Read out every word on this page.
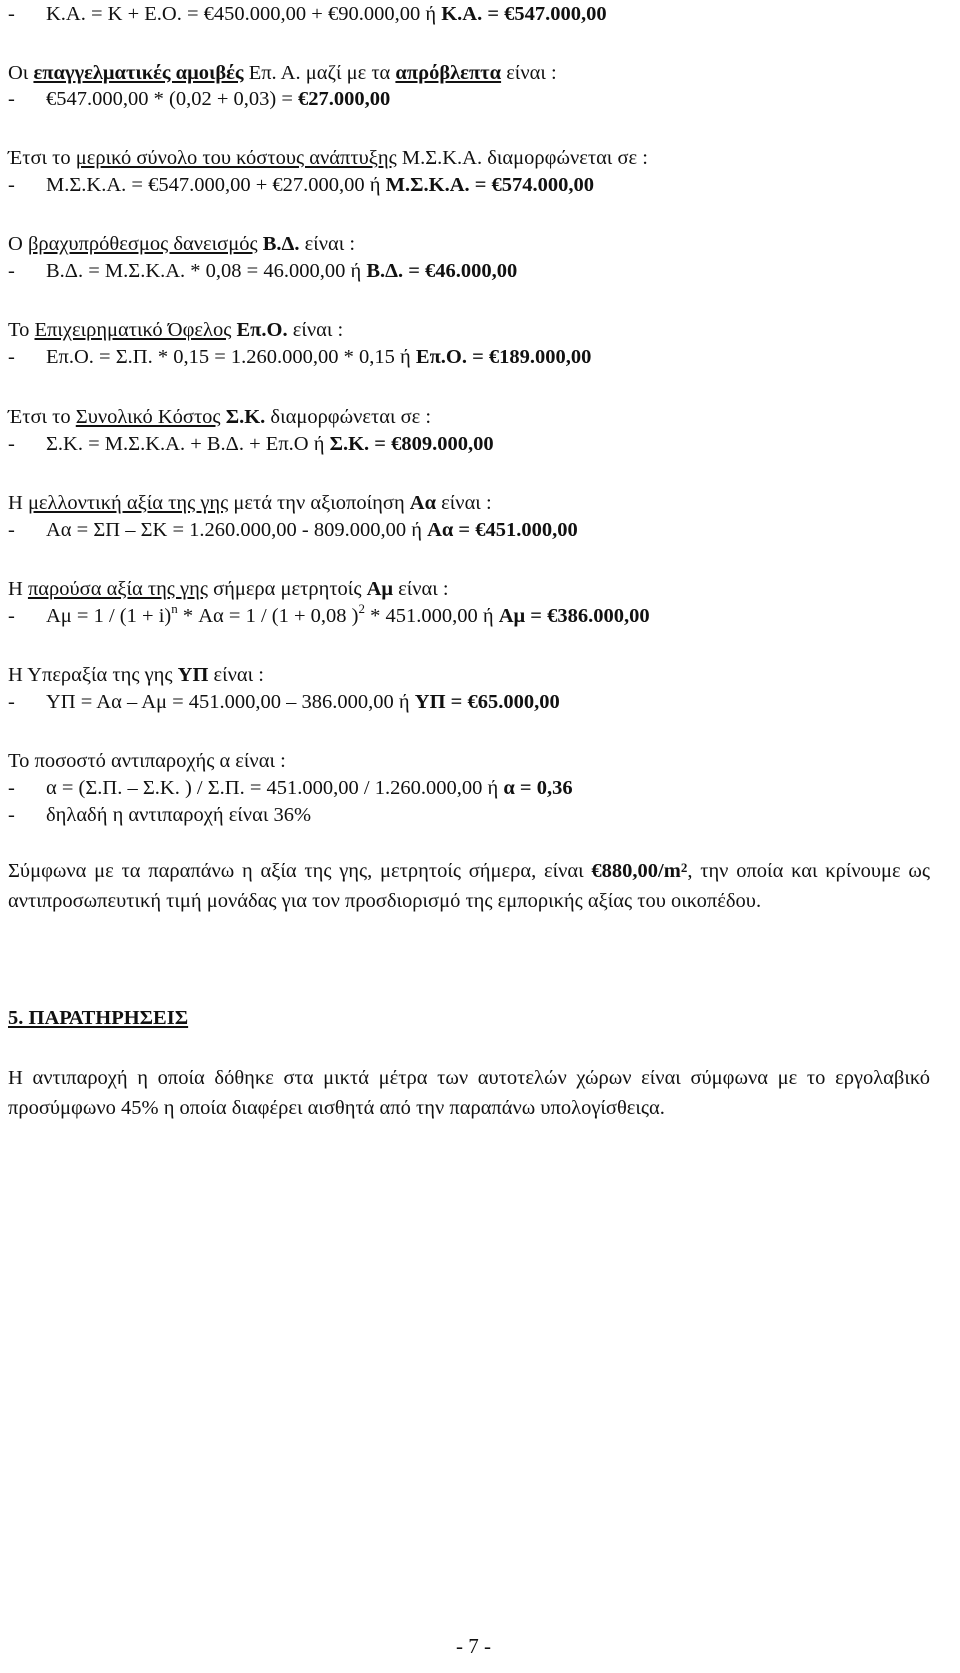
- Κ.Α. = Κ + Ε.Ο. = €450.000,00 + €90.000,00 ή Κ.Α. = €547.000,00
Οι επαγγελματικές αμοιβές Επ. Α. μαζί με τα απρόβλεπτα είναι :
- €547.000,00 * (0,02 + 0,03) = €27.000,00
Έτσι το μερικό σύνολο του κόστους ανάπτυξης Μ.Σ.Κ.Α. διαμορφώνεται σε :
- Μ.Σ.Κ.Α. = €547.000,00 + €27.000,00 ή Μ.Σ.Κ.Α. = €574.000,00
Ο βραχυπρόθεσμος δανεισμός Β.Δ. είναι :
- Β.Δ. = Μ.Σ.Κ.Α. * 0,08 = 46.000,00 ή Β.Δ. = €46.000,00
Το Επιχειρηματικό Όφελος Επ.Ο. είναι :
- Επ.Ο. = Σ.Π. * 0,15 = 1.260.000,00 * 0,15 ή Επ.Ο. = €189.000,00
Έτσι το Συνολικό Κόστος Σ.Κ. διαμορφώνεται σε :
- Σ.Κ. = Μ.Σ.Κ.Α. + Β.Δ. + Επ.Ο ή Σ.Κ. = €809.000,00
Η μελλοντική αξία της γης μετά την αξιοποίηση Αα είναι :
- Αα = ΣΠ – ΣΚ = 1.260.000,00 - 809.000,00 ή Αα = €451.000,00
Η παρούσα αξία της γης σήμερα μετρητοίς Αμ είναι :
- $A\mu = 1 / (1 + i)^n * A\alpha = 1 / (1 + 0,08$ )$^2$ * 451.000,00 ή Αμ = €386.000,00
Η Υπεραξία της γης ΥΠ είναι :
- ΥΠ = Αα – Αμ = 451.000,00 – 386.000,00 ή ΥΠ = €65.000,00
Το ποσοστό αντιπαροχής α είναι :
- α = (Σ.Π. – Σ.Κ. ) / Σ.Π. = 451.000,00 / 1.260.000,00 ή α = 0,36
- δηλαδή η αντιπαροχή είναι 36%
Σύμφωνα με τα παραπάνω η αξία της γης, μετρητοίς σήμερα, είναι $€880,00/m^2$, την οποία και κρίνουμε ως αντιπροσωπευτική τιμή μονάδας για τον προσδιορισμό της εμπορικής αξίας του οικοπέδου.
5. ΠΑΡΑΤΗΡΗΣΕΙΣ
Η αντιπαροχή η οποία δόθηκε στα μικτά μέτρα των αυτοτελών χώρων είναι σύμφωνα με το εργολαβικό προσύμφωνο 45% η οποία διαφέρει αισθητά από την παραπάνω υπολογίσθειςα.
- 7 -
